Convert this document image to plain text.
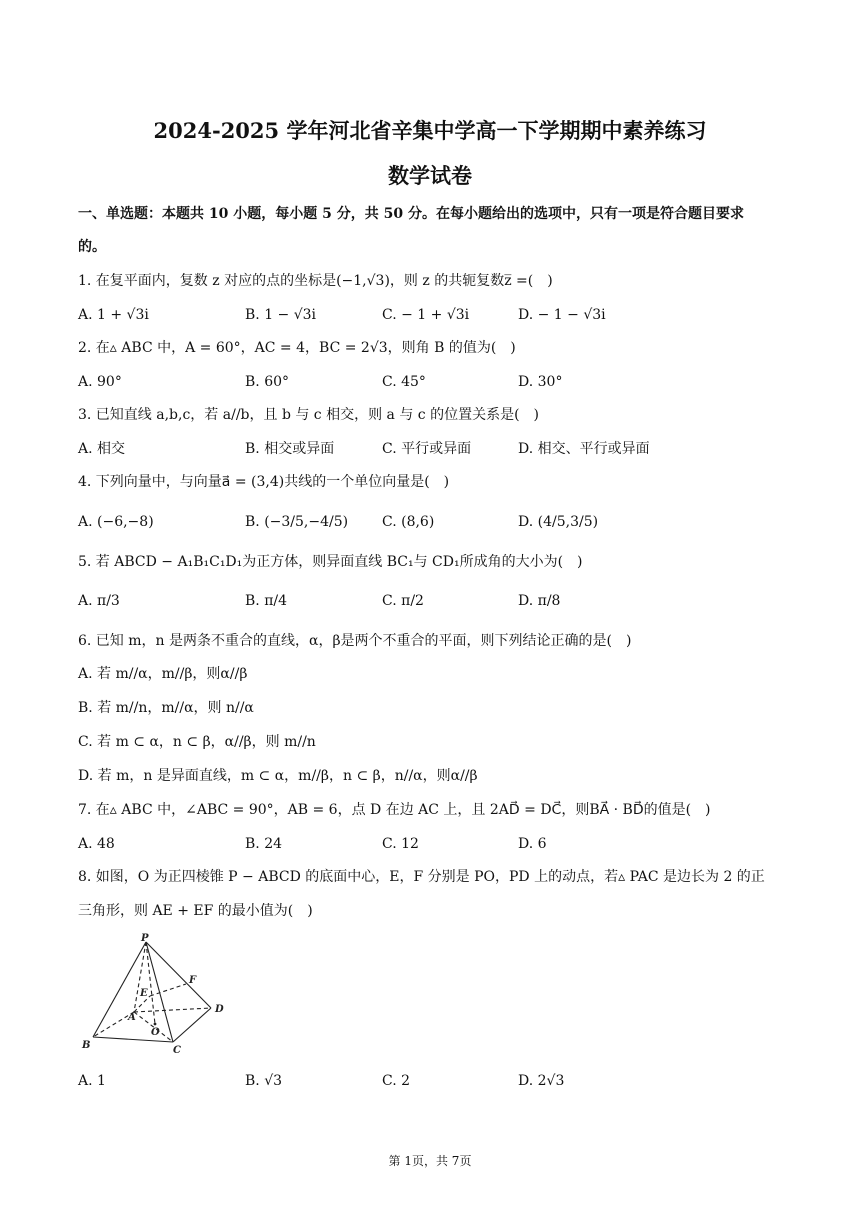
2024-2025 学年河北省辛集中学高一下学期期中素养练习
数学试卷
一、单选题：本题共 10 小题，每小题 5 分，共 50 分。在每小题给出的选项中，只有一项是符合题目要求
的。
1. 在复平面内，复数 z 对应的点的坐标是(−1,√3)，则 z 的共轭复数z̅ =(　)
A. 1 + √3i	B. 1 − √3i	C. − 1 + √3i	D. − 1 − √3i
2. 在▵ ABC 中，A = 60°，AC = 4，BC = 2√3，则角 B 的值为(　)
A. 90°	B. 60°	C. 45°	D. 30°
3. 已知直线 a,b,c，若 a//b，且 b 与 c 相交，则 a 与 c 的位置关系是(　)
A. 相交	B. 相交或异面	C. 平行或异面	D. 相交、平行或异面
4. 下列向量中，与向量a⃗ = (3,4)共线的一个单位向量是(　)
A. (−6,−8)	B. (−3/5,−4/5) C. (8,6)	D. (4/5,3/5)
5. 若 ABCD − A₁B₁C₁D₁为正方体，则异面直线 BC₁与 CD₁所成角的大小为(　)
A. π/3	B. π/4	C. π/2	D. π/8
6. 已知 m，n 是两条不重合的直线，α，β是两个不重合的平面，则下列结论正确的是(　)
A. 若 m//α，m//β，则α//β
B. 若 m//n，m//α，则 n//α
C. 若 m ⊂ α，n ⊂ β，α//β，则 m//n
D. 若 m，n 是异面直线，m ⊂ α，m//β，n ⊂ β，n//α，则α//β
7. 在▵ ABC 中，∠ABC = 90°，AB = 6，点 D 在边 AC 上，且 2AD⃗ = DC⃗，则BA⃗ · BD⃗的值是(　)
A. 48	B. 24	C. 12	D. 6
8. 如图，O 为正四棱锥 P − ABCD 的底面中心，E，F 分别是 PO，PD 上的动点，若▵ PAC 是边长为 2 的正
三角形，则 AE + EF 的最小值为(　)
P
F
E
A
O
D
B	C
A. 1	B. √3	C. 2	D. 2√3
第 1页，共 7页
